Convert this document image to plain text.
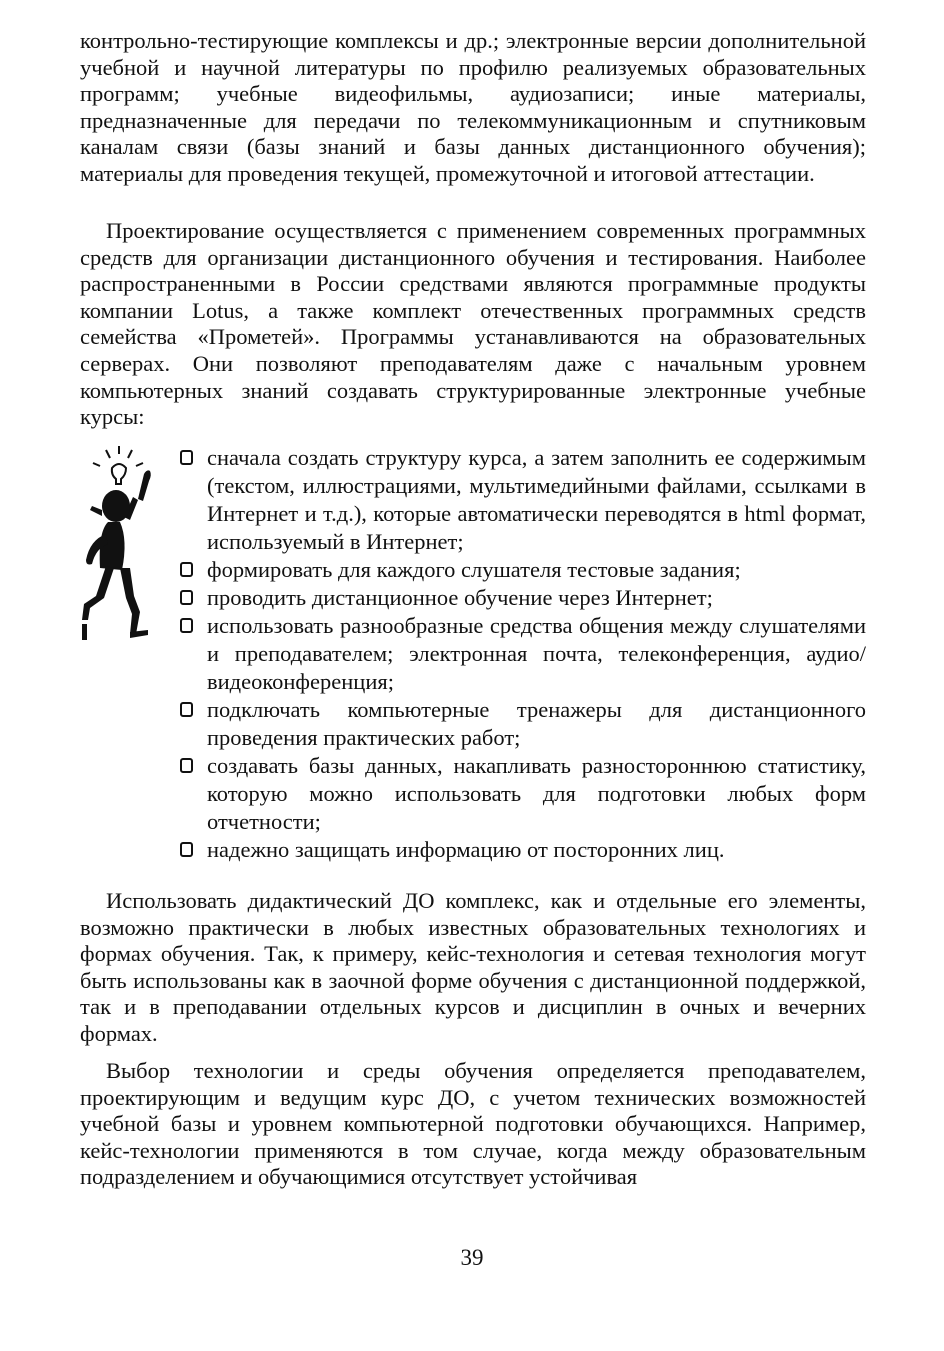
контрольно-тестирующие комплексы и др.; электронные версии дополнительной учебной и научной литературы по профилю реализуемых образовательных программ; учебные видеофильмы, аудиозаписи; иные материалы, предназначенные для передачи по телекоммуникационным и спутниковым каналам связи (базы знаний и базы данных дистанционного обучения); материалы для проведения текущей, промежуточной и итоговой аттестации.

Проектирование осуществляется с применением современных программных средств для организации дистанционного обучения и тестирования. Наиболее распространенными в России средствами являются программные продукты компании Lotus, а также комплект отечественных программных средств семейства «Прометей». Программы устанавливаются на образовательных серверах. Они позволяют преподавателям даже с начальным уровнем компьютерных знаний создавать структурированные электронные учебные курсы:

сначала создать структуру курса, а затем заполнить ее содержимым (текстом, иллюстрациями, мультимедийными файлами, ссылками в Интернет и т.д.), которые автоматически переводятся в html формат, используемый в Интернет;
формировать для каждого слушателя тестовые задания;
проводить дистанционное обучение через Интернет;
использовать разнообразные средства общения между слушателями и преподавателем; электронная почта, телеконференция, аудио/видеоконференция;
подключать компьютерные тренажеры для дистанционного проведения практических работ;
создавать базы данных, накапливать разностороннюю статистику, которую можно использовать для подготовки любых форм отчетности;
надежно защищать информацию от посторонних лиц.

Использовать дидактический ДО комплекс, как и отдельные его элементы, возможно практически в любых известных образовательных технологиях и формах обучения. Так, к примеру, кейс-технология и сетевая технология могут быть использованы как в заочной форме обучения с дистанционной поддержкой, так и в преподавании отдельных курсов и дисциплин в очных и вечерних формах.

Выбор технологии и среды обучения определяется преподавателем, проектирующим и ведущим курс ДО, с учетом технических возможностей учебной базы и уровнем компьютерной подготовки обучающихся. Например, кейс-технологии применяются в том случае, когда между образовательным подразделением и обучающимися отсутствует устойчивая

39
